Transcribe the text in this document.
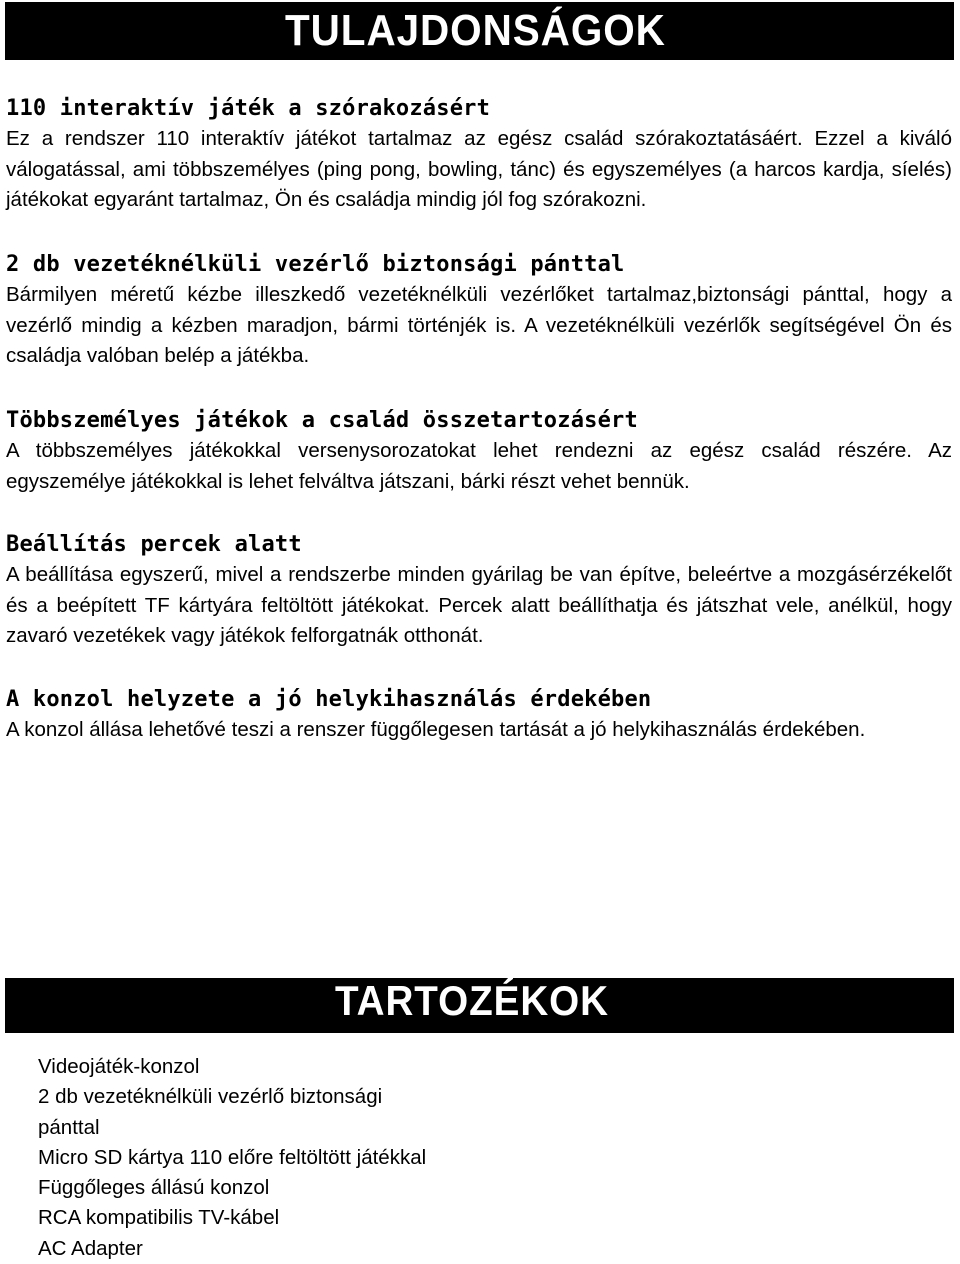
TULAJDONSÁGOK
110 interaktív játék a szórakozásért

Ez a rendszer 110 interaktív játékot tartalmaz az egész család szórakoztatásáért. Ezzel a kiváló válogatással, ami többszemélyes (ping pong, bowling, tánc) és egyszemélyes (a harcos kardja, síelés) játékokat egyaránt tartalmaz, Ön és családja mindig jól fog szórakozni.

2 db vezetéknélküli vezérlő biztonsági pánttal

Bármilyen méretű kézbe illeszkedő vezetéknélküli vezérlőket tartalmaz,biztonsági pánttal, hogy a vezérlő mindig a kézben maradjon, bármi történjék is. A vezetéknélküli vezérlők segítségével Ön és családja valóban belép a játékba.

Többszemélyes játékok a család összetartozásért

A többszemélyes játékokkal versenysorozatokat lehet rendezni az egész család részére. Az egyszemélye játékokkal is lehet felváltva játszani, bárki részt vehet bennük.

Beállítás percek alatt

A beállítása egyszerű, mivel a rendszerbe minden gyárilag be van építve, beleértve a mozgásérzékelőt és a beépített TF kártyára feltöltött játékokat. Percek alatt beállíthatja és játszhat vele, anélkül, hogy zavaró vezetékek vagy játékok felforgatnák otthonát.

A konzol helyzete a jó helykihasználás érdekében

A konzol állása lehetővé teszi a renszer függőlegesen tartását a jó helykihasználás érdekében.

TARTOZÉKOK
Videojáték-konzol
2 db vezetéknélküli vezérlő biztonsági
pánttal
Micro SD kártya 110 előre feltöltött játékkal
Függőleges állású konzol
RCA kompatibilis TV-kábel
AC Adapter
